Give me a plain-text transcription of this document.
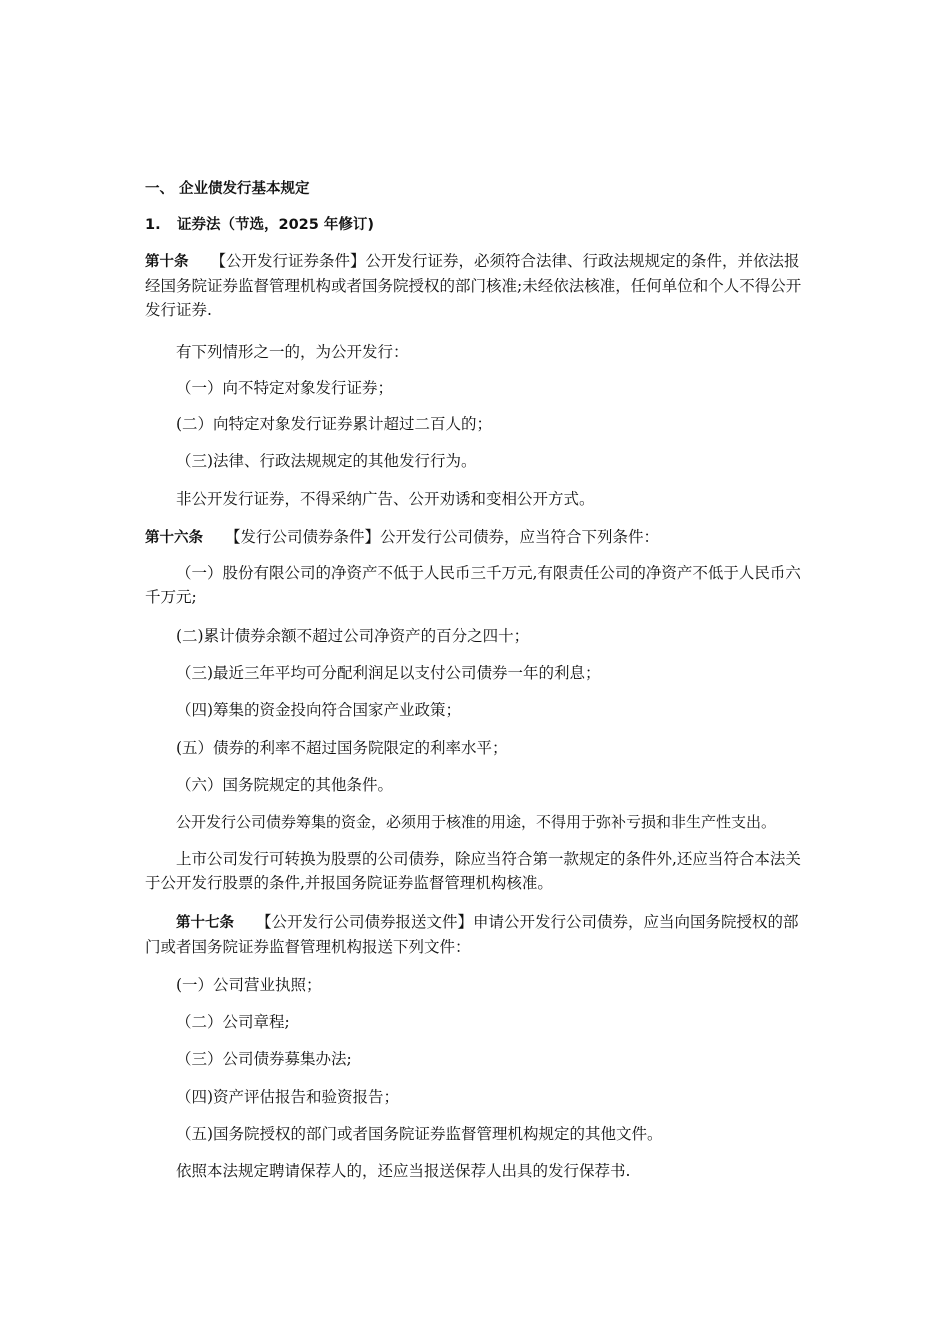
一、 企业债发行基本规定
1. 证券法（节选，2025 年修订)
第十条 【公开发行证券条件】公开发行证券，必须符合法律、行政法规规定的条件，并依法报经国务院证券监督管理机构或者国务院授权的部门核准;未经依法核准，任何单位和个人不得公开发行证券.
有下列情形之一的，为公开发行：
（一）向不特定对象发行证券；
(二）向特定对象发行证券累计超过二百人的；
（三)法律、行政法规规定的其他发行行为。
非公开发行证券，不得采纳广告、公开劝诱和变相公开方式。
第十六条 【发行公司债券条件】公开发行公司债券，应当符合下列条件：
（一）股份有限公司的净资产不低于人民币三千万元,有限责任公司的净资产不低于人民币六千万元;
(二)累计债券余额不超过公司净资产的百分之四十；
（三)最近三年平均可分配利润足以支付公司债券一年的利息；
（四)筹集的资金投向符合国家产业政策；
(五）债券的利率不超过国务院限定的利率水平；
（六）国务院规定的其他条件。
公开发行公司债券筹集的资金，必须用于核准的用途，不得用于弥补亏损和非生产性支出。
上市公司发行可转换为股票的公司债券，除应当符合第一款规定的条件外,还应当符合本法关于公开发行股票的条件,并报国务院证券监督管理机构核准。
第十七条 【公开发行公司债券报送文件】申请公开发行公司债券，应当向国务院授权的部门或者国务院证券监督管理机构报送下列文件：
(一）公司营业执照；
（二）公司章程;
（三）公司债券募集办法;
（四)资产评估报告和验资报告；
（五)国务院授权的部门或者国务院证券监督管理机构规定的其他文件。
依照本法规定聘请保荐人的，还应当报送保荐人出具的发行保荐书.
